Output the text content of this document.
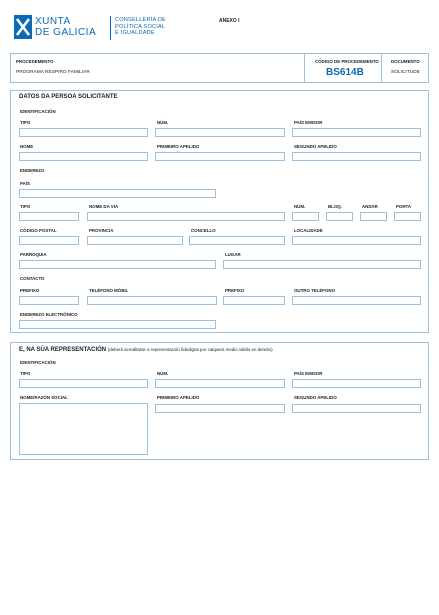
XUNTA
DE GALICIA
CONSELLERÍA DE
POLÍTICA SOCIAL
E IGUALDADE
ANEXO I
PROCEDEMENTO
PROGRAMA RESPIRO FAMILIAR
CÓDIGO DE PROCEDEMENTO
BS614B
DOCUMENTO
SOLICITUDE
DATOS DA PERSOA SOLICITANTE
IDENTIFICACIÓN
TIPO	NÚM.	PAÍS EMISOR
NOME	PRIMEIRO APELIDO	SEGUNDO APELIDO
ENDEREZO
PAÍS
TIPO	NOME DA VÍA	NÚM.	BLOQ.	ANDAR	PORTA
CÓDIGO POSTAL	PROVINCIA	CONCELLO	LOCALIDADE
PARROQUIA	LUGAR
CONTACTO
PREFIXO	TELÉFONO MÓBIL	PREFIXO	OUTRO TELÉFONO
ENDEREZO ELECTRÓNICO
E, NA SÚA REPRESENTACIÓN (deberá acreditarse a representación fidedigna por calquera medio válido en dereito)
IDENTIFICACIÓN
TIPO	NÚM.	PAÍS EMISOR
NOME/RAZÓN SOCIAL	PRIMEIRO APELIDO	SEGUNDO APELIDO
